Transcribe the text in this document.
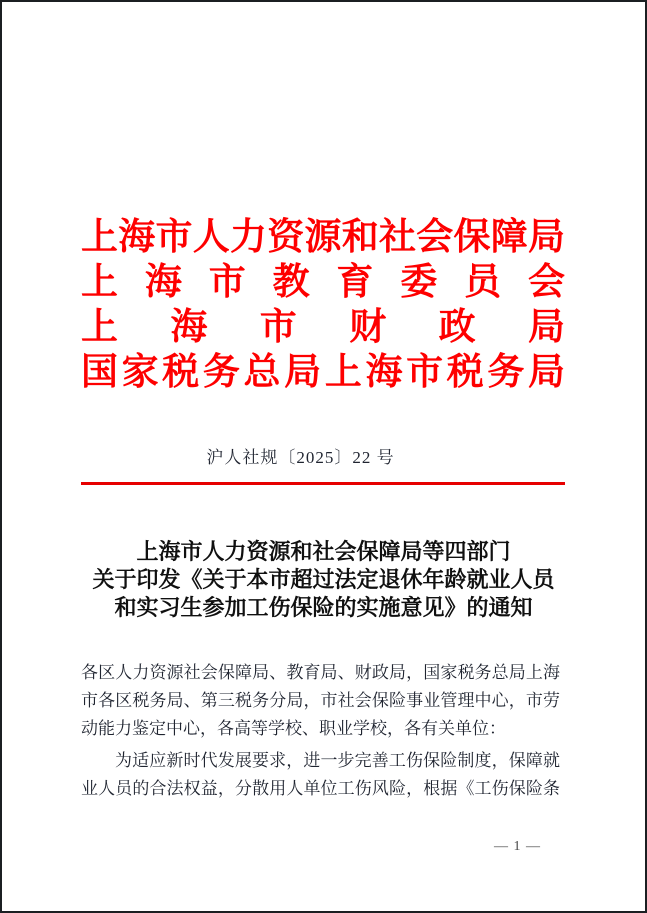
上海市人力资源和社会保障局
上海市教育委员会
上海市财政局
国家税务总局上海市税务局
沪人社规〔2025〕22 号
上海市人力资源和社会保障局等四部门
关于印发《关于本市超过法定退休年龄就业人员
和实习生参加工伤保险的实施意见》的通知
各区人力资源社会保障局、教育局、财政局，国家税务总局上海
市各区税务局、第三税务分局，市社会保险事业管理中心，市劳
动能力鉴定中心，各高等学校、职业学校，各有关单位：
为适应新时代发展要求，进一步完善工伤保险制度，保障就
业人员的合法权益，分散用人单位工伤风险，根据《工伤保险条
— 1 —
